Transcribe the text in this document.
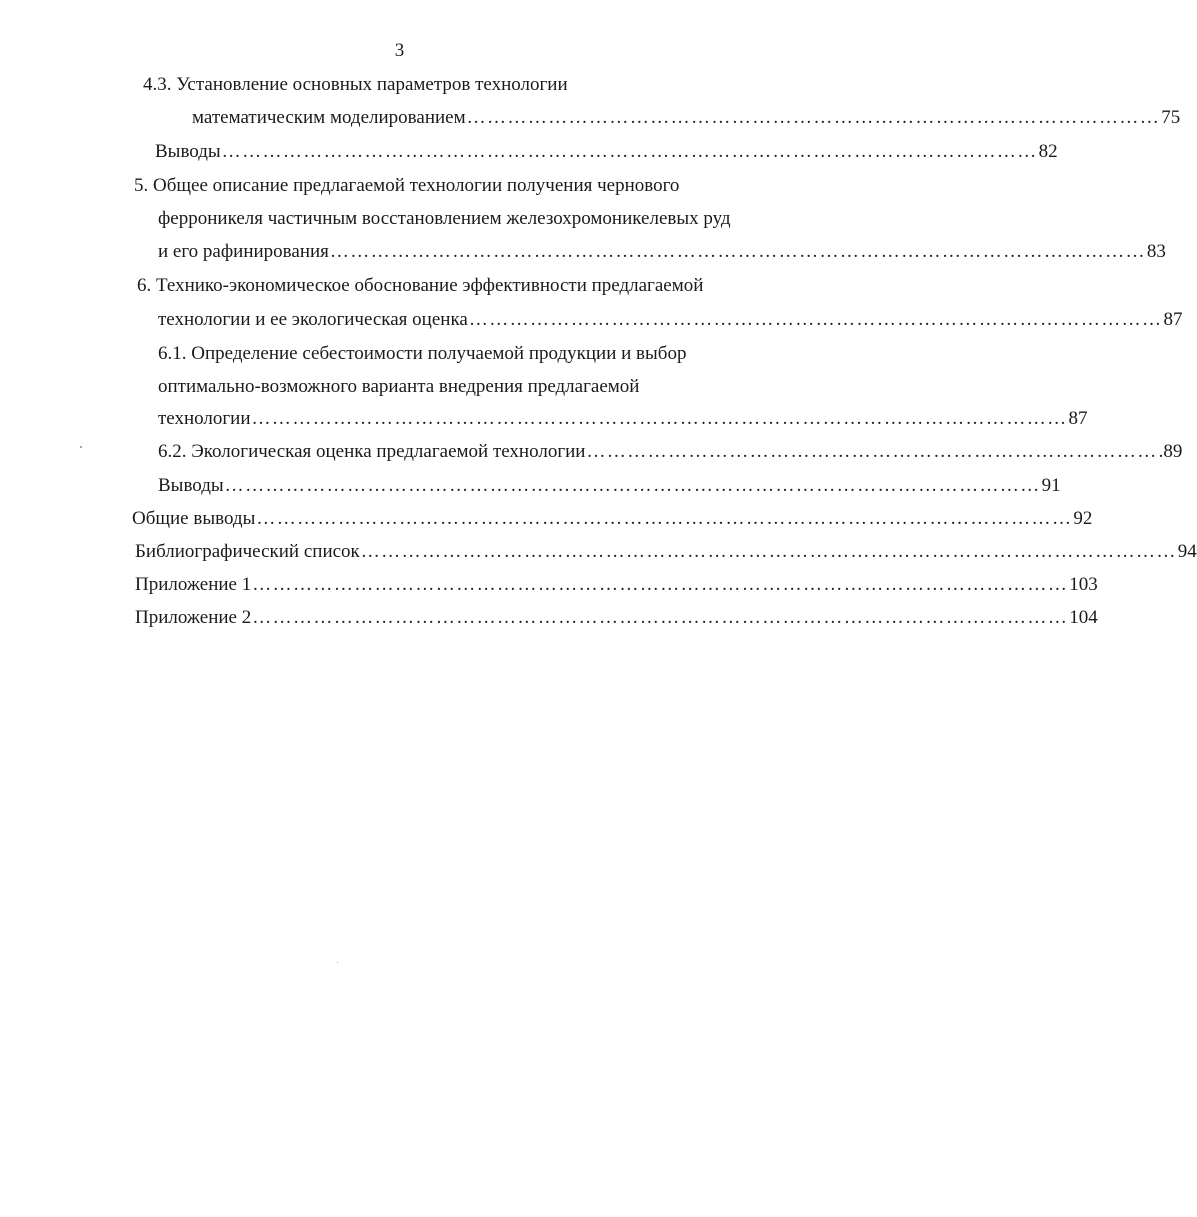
3
4.3. Установление основных параметров технологии
математическим моделированием ………………………………………………………………………………………… 75
Выводы ………………………………………………………………………………………………………… 82
5. Общее описание предлагаемой технологии получения чернового
ферроникеля частичным восстановлением железохромоникелевых руд
и его рафинирования ………………………………………………………………………………………………………… 83
6. Технико-экономическое обоснование эффективности предлагаемой
технологии и ее экологическая оценка ………………………………………………………………………………………… 87
6.1. Определение себестоимости получаемой продукции и выбор
оптимально-возможного варианта внедрения предлагаемой
технологии ………………………………………………………………………………………………………… 87
6.2. Экологическая оценка предлагаемой технологии ………………………………………………………………………… .89
Выводы ………………………………………………………………………………………………………… 91
Общие выводы ………………………………………………………………………………………………………… 92
Библиографический список ………………………………………………………………………………………………………… 94
Приложение 1 ………………………………………………………………………………………………………… 103
Приложение 2 ………………………………………………………………………………………………………… 104
